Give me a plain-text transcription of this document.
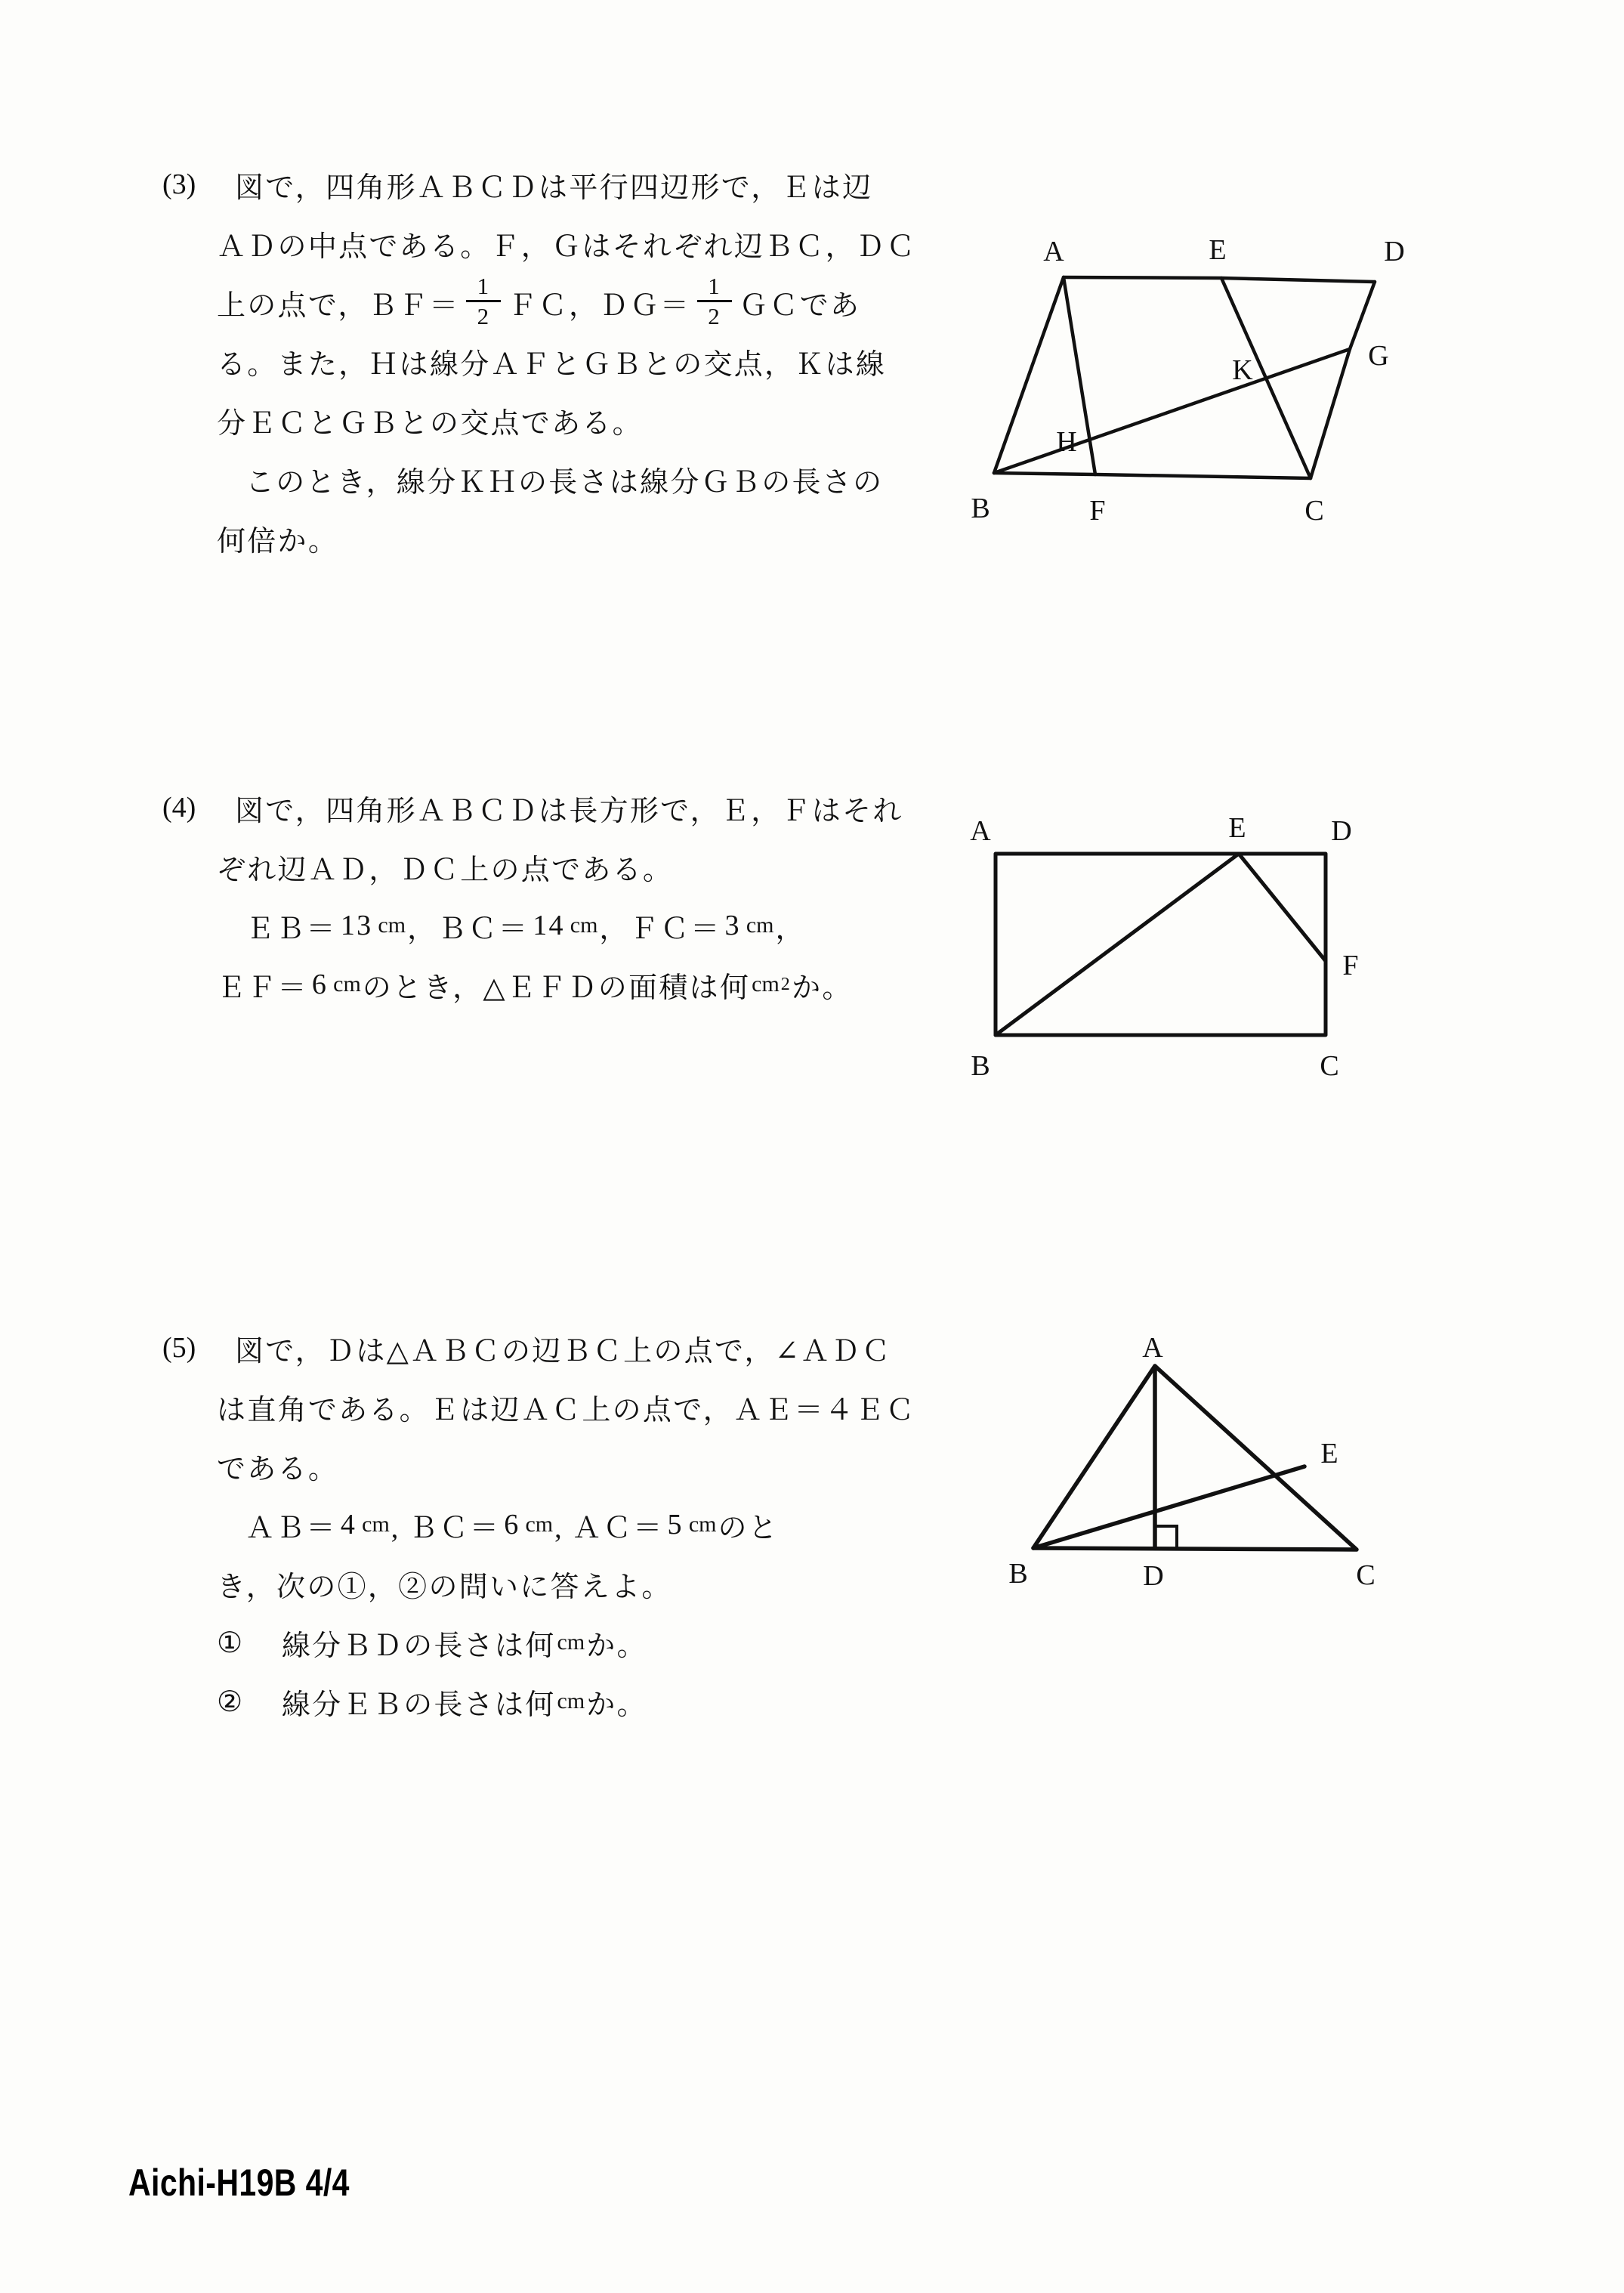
(3)	図で，四角形ＡＢＣＤは平行四辺形で，Ｅは辺
ＡＤの中点である。Ｆ，Ｇはそれぞれ辺ＢＣ，ＤＣ
上の点で，ＢＦ＝ $\frac{1}{2}$ ＦＣ，ＤＧ＝ $\frac{1}{2}$ ＧＣであ
る。また，Ｈは線分ＡＦとＧＢとの交点，Ｋは線
分ＥＣとＧＢとの交点である。
このとき，線分ＫＨの長さは線分ＧＢの長さの
何倍か。
A
B	C
D
E
F
G
H
K
(4)	図で，四角形ＡＢＣＤは長方形で，Ｅ，Ｆはそれ
ぞれ辺ＡＤ，ＤＣ上の点である。
ＥＢ＝ 13 cm ，ＢＣ＝ 14 cm ，ＦＣ＝ 3 cm ，
ＥＦ＝ 6 cm のとき，△ＥＦＤの面積は何 cm 2 か。
A
B	C
D
E
F
(5)	図で，Ｄは△ＡＢＣの辺ＢＣ上の点で，∠ＡＤＣ
は直角である。Ｅは辺ＡＣ上の点で，ＡＥ＝４ＥＣ
である。
ＡＢ＝ 4 cm , ＢＣ＝ 6 cm , ＡＣ＝ 5 cm のと
き，次の①，②の問いに答えよ。
①	線分ＢＤの長さは何 cm か。
②	線分ＥＢの長さは何 cm か。
A
B	C
D
E
Aichi-H19B 4/4
